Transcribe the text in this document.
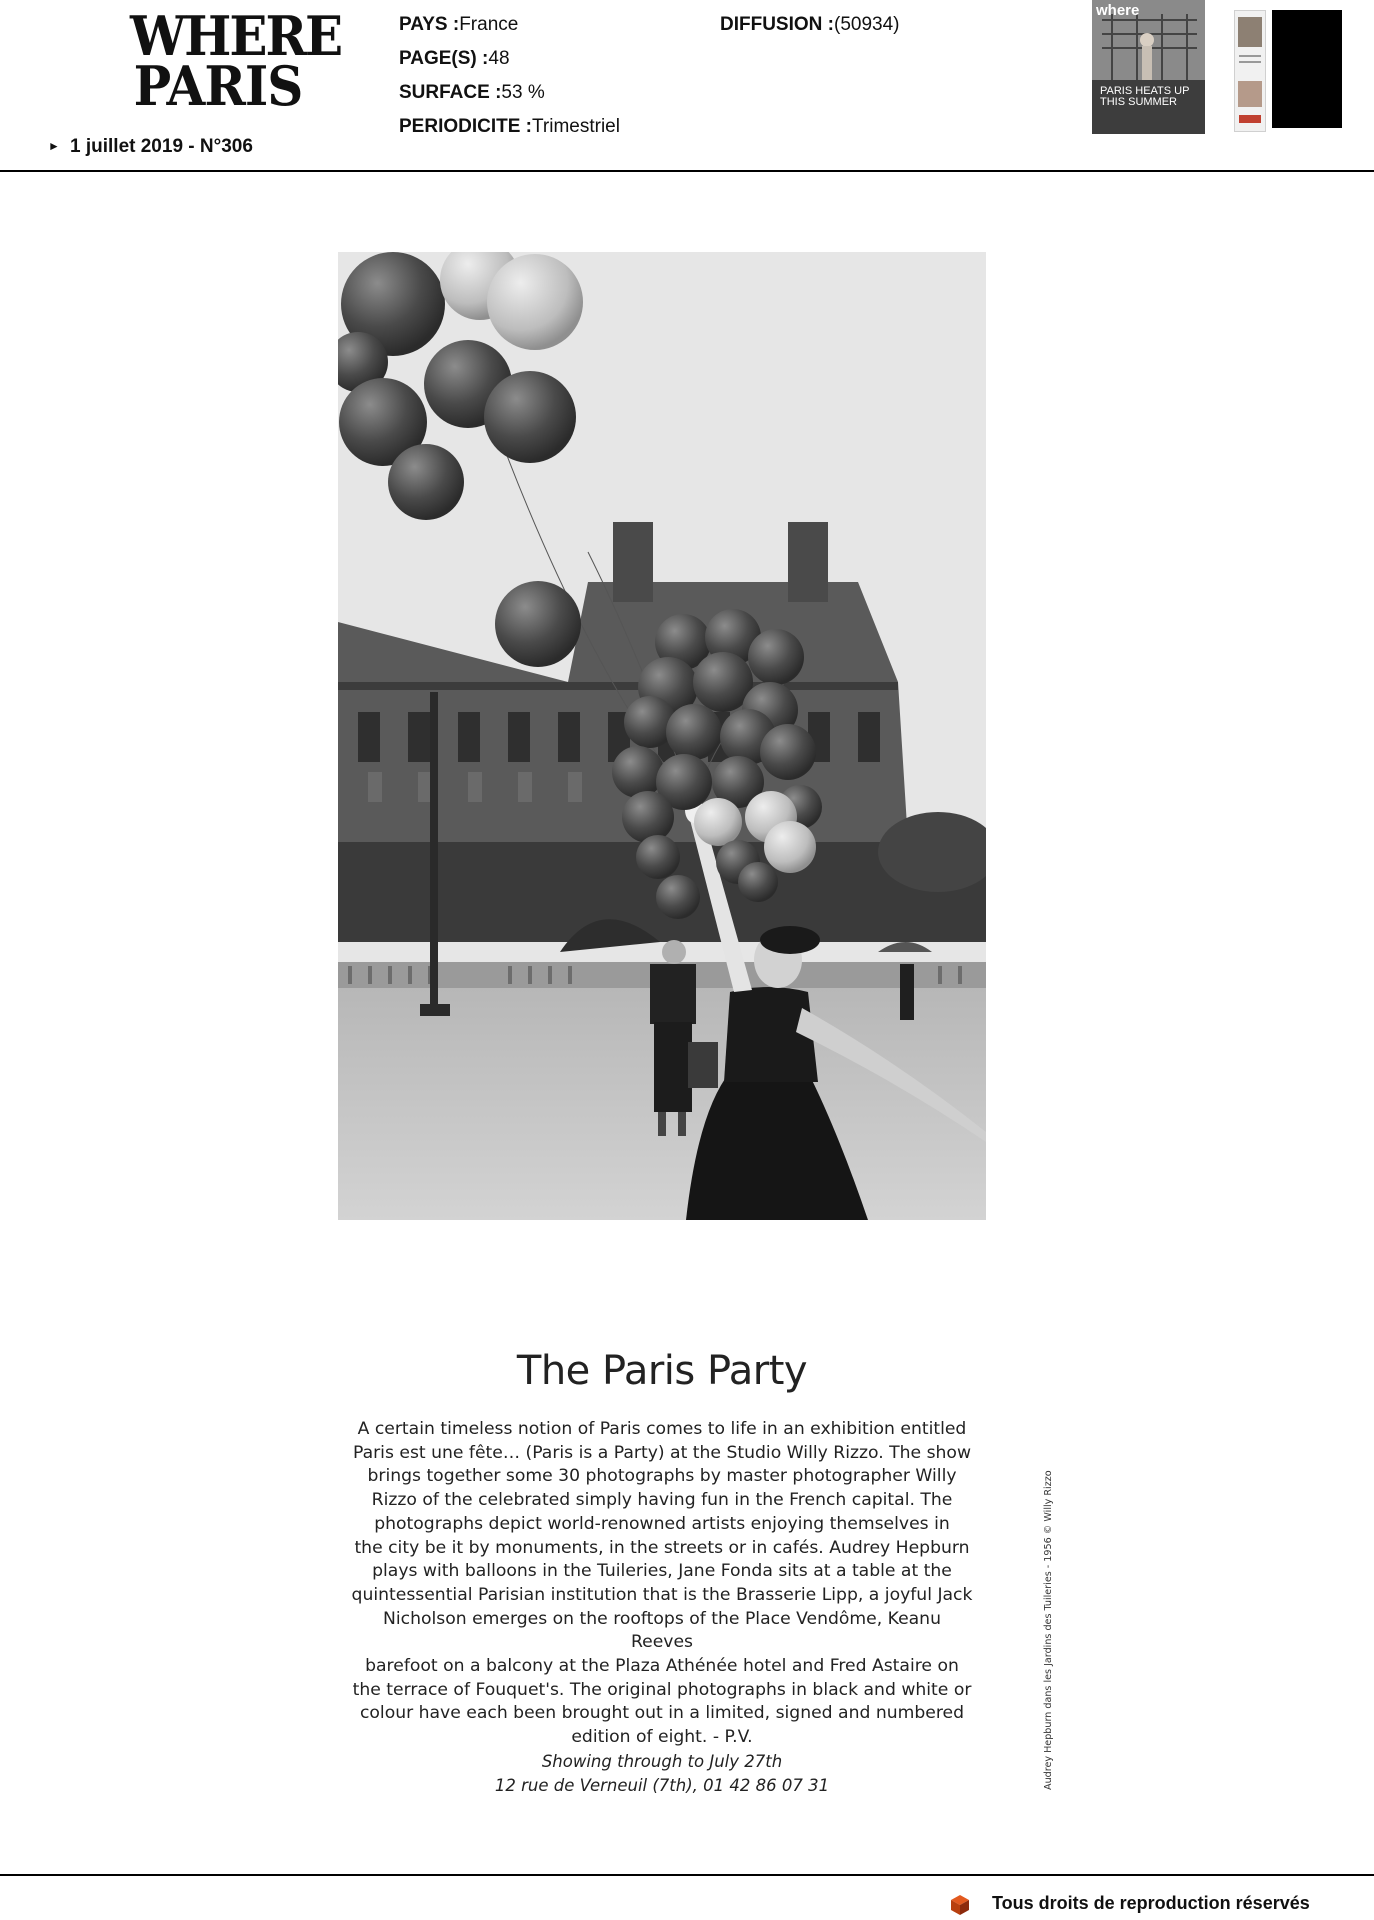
WHERE
PARIS
► 1 juillet 2019 - N°306
PAYS :France
PAGE(S) :48
SURFACE :53 %
PERIODICITE :Trimestriel
DIFFUSION :(50934)
where
PARIS HEATS UP THIS SUMMER
The Paris Party
A certain timeless notion of Paris comes to life in an exhibition entitled
Paris est une fête… (Paris is a Party) at the Studio Willy Rizzo. The show
brings together some 30 photographs by master photographer Willy
Rizzo of the celebrated simply having fun in the French capital. The
photographs depict world-renowned artists enjoying themselves in
the city be it by monuments, in the streets or in cafés. Audrey Hepburn
plays with balloons in the Tuileries, Jane Fonda sits at a table at the
quintessential Parisian institution that is the Brasserie Lipp, a joyful Jack
Nicholson emerges on the rooftops of the Place Vendôme, Keanu Reeves
barefoot on a balcony at the Plaza Athénée hotel and Fred Astaire on
the terrace of Fouquet's. The original photographs in black and white or
colour have each been brought out in a limited, signed and numbered
edition of eight. - P.V.
Showing through to July 27th
12 rue de Verneuil (7th), 01 42 86 07 31	Audrey Hepburn dans les Jardins des Tuileries - 1956 © Willy Rizzo
Tous droits de reproduction réservés
